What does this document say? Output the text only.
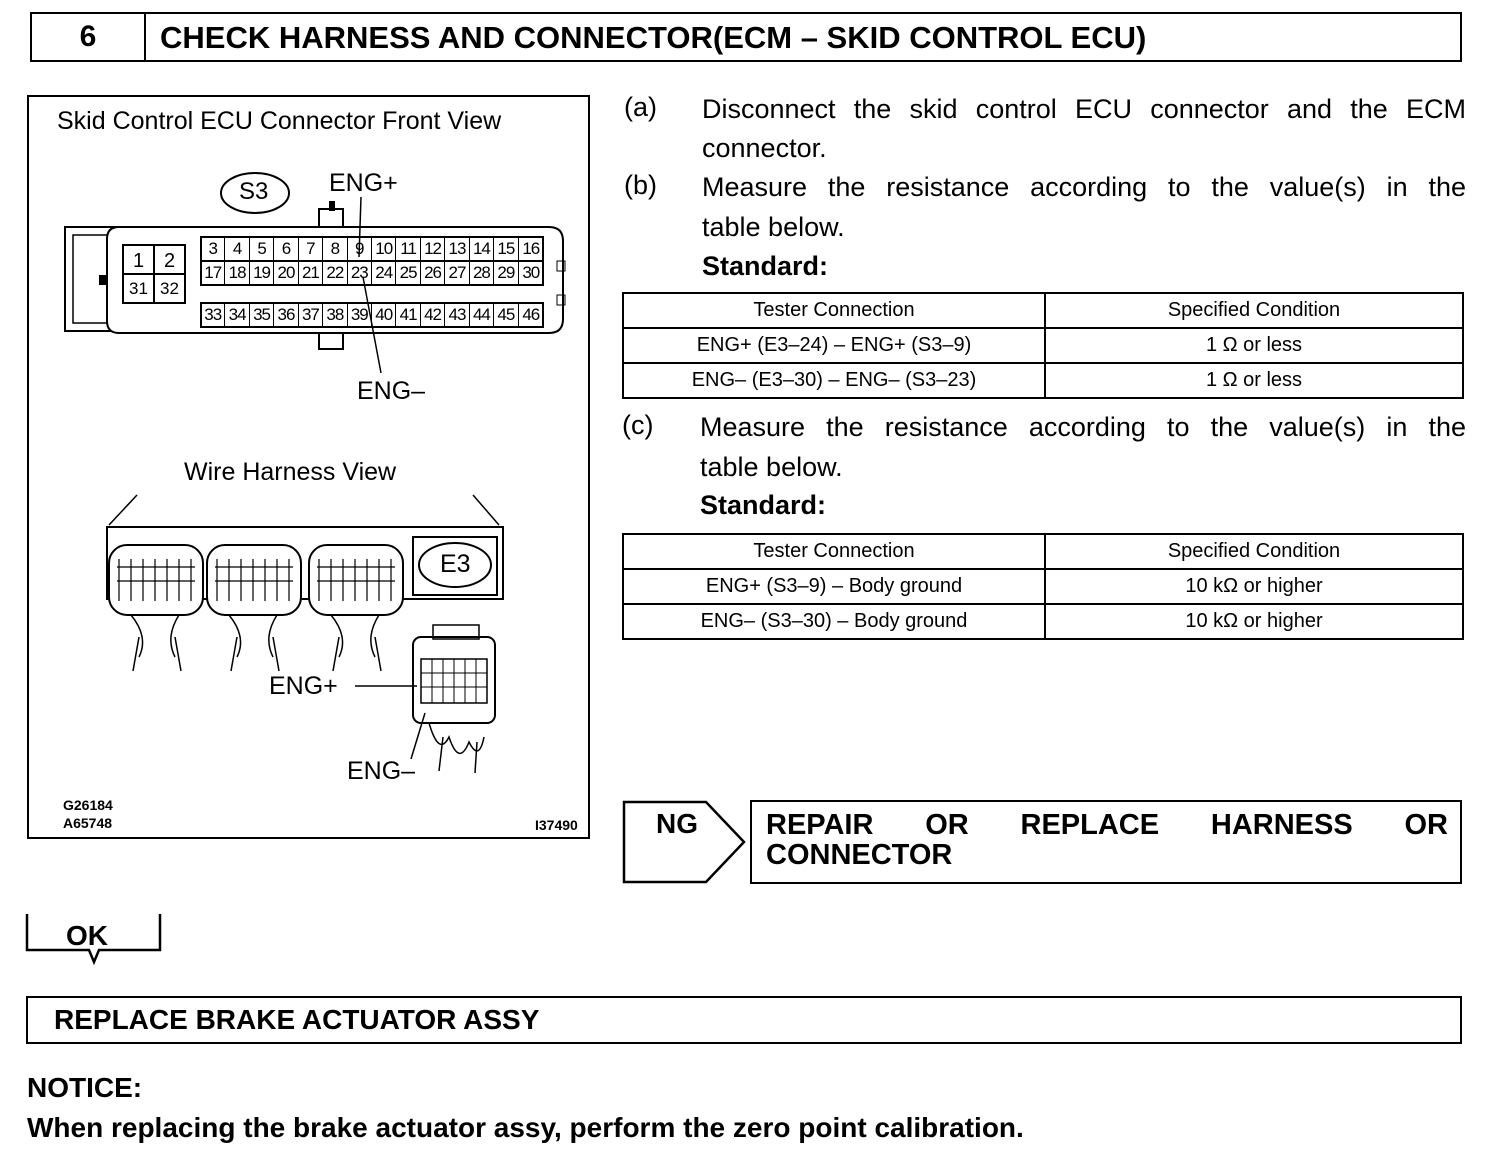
6	CHECK HARNESS AND CONNECTOR(ECM – SKID CONTROL ECU)
Skid Control ECU Connector Front View
S3 ENG+
ENG–
Wire Harness View
E3
ENG+
ENG–
G26184
A65748	I37490
3 4 5 6 7 8 9 10 11 12 13 14 15 16
17 18 19 20 21 22 23 24 25 26 27 28 29 30
33 34 35 36 37 38 39 40 41 42 43 44 45 46
1 2
31 32
(a) Disconnect the skid control ECU connector and the ECM
connector.
(b) Measure the resistance according to the value(s) in the
table below.
Standard:
Tester Connection	Specified Condition
ENG+ (E3–24) – ENG+ (S3–9)	1 Ω or less
ENG– (E3–30) – ENG– (S3–23)	1 Ω or less
(c) Measure the resistance according to the value(s) in the
table below.
Standard:
Tester Connection	Specified Condition
ENG+ (S3–9) – Body ground	10 kΩ or higher
ENG– (S3–30) – Body ground	10 kΩ or higher
NG REPAIR OR REPLACE HARNESS OR CONNECTOR
OK
REPLACE BRAKE ACTUATOR ASSY
NOTICE:
When replacing the brake actuator assy, perform the zero point calibration.
